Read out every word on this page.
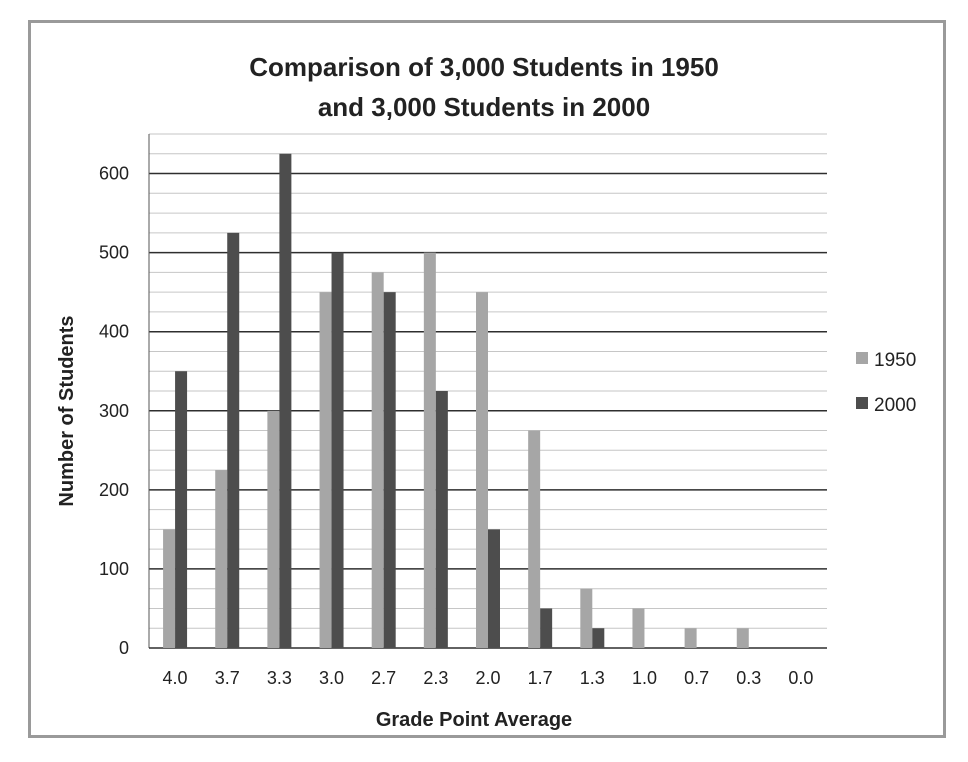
Comparison of 3,000 Students in 1950
and 3,000 Students in 2000
0
100
200
300
400
500
600
4.0 3.7 3.3 3.0 2.7 2.3 2.0 1.7 1.3 1.0 0.7 0.3 0.0
Grade Point Average
Number of Students	1950
2000
